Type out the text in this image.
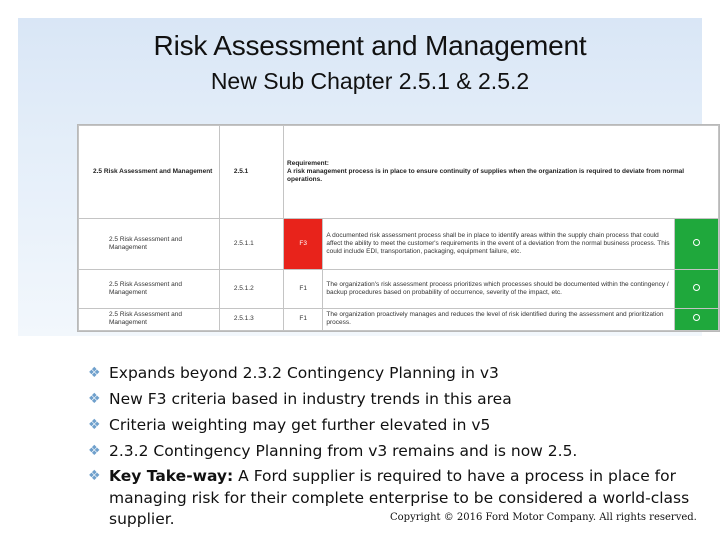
Risk Assessment and Management
New Sub Chapter 2.5.1 & 2.5.2
2.5 Risk Assessment and Management	2.5.1	Requirement:
A risk management process is in place to ensure continuity of supplies when the organization is required to deviate from normal operations.		
2.5 Risk Assessment and Management	2.5.1.1	F3	A documented risk assessment process shall be in place to identify areas within the supply chain process that could affect the ability to meet the customer's requirements in the event of a deviation from the normal business process. This could include EDI, transportation, packaging, equipment failure, etc.	
2.5 Risk Assessment and Management	2.5.1.2	F1	The organization's risk assessment process prioritizes which processes should be documented within the contingency / backup procedures based on probability of occurrence, severity of the impact, etc.	
2.5 Risk Assessment and Management	2.5.1.3	F1	The organization proactively manages and reduces the level of risk identified during the assessment and prioritization process.	
❖ Expands beyond 2.3.2 Contingency Planning in v3
❖ New F3 criteria based in industry trends in this area
❖ Criteria weighting may get further elevated in v5
❖ 2.3.2 Contingency Planning from v3 remains and is now 2.5.
❖ Key Take-way: A Ford supplier is required to have a process in place for managing risk for their complete enterprise to be considered a world-class supplier.	Copyright © 2016 Ford Motor Company. All rights reserved.
